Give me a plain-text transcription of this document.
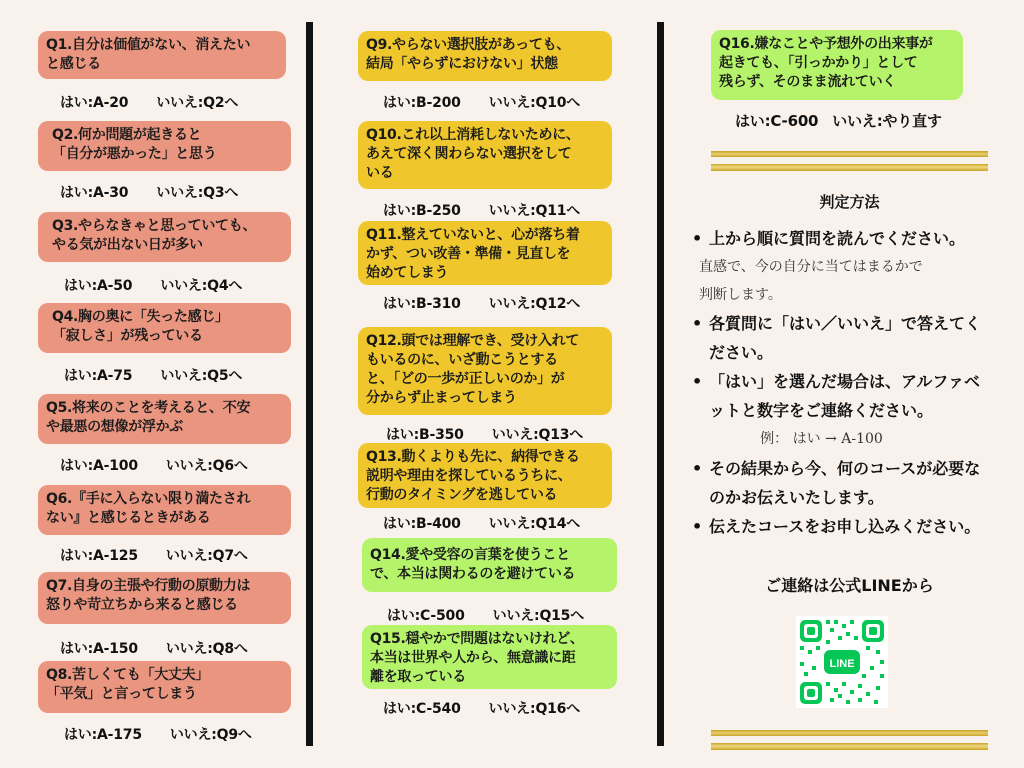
Q1.自分は価値がない、消えたい
と感じる
はい:A-20 いいえ:Q2へ
Q2.何か問題が起きると
「自分が悪かった」と思う
はい:A-30 いいえ:Q3へ
Q3.やらなきゃと思っていても、
やる気が出ない日が多い
はい:A-50 いいえ:Q4へ
Q4.胸の奥に「失った感じ」
「寂しさ」が残っている
はい:A-75 いいえ:Q5へ
Q5.将来のことを考えると、不安
や最悪の想像が浮かぶ
はい:A-100 いいえ:Q6へ
Q6.『手に入らない限り満たされ
ない』と感じるときがある
はい:A-125 いいえ:Q7へ
Q7.自身の主張や行動の原動力は
怒りや苛立ちから来ると感じる
はい:A-150 いいえ:Q8へ
Q8.苦しくても「大丈夫」
「平気」と言ってしまう
はい:A-175 いいえ:Q9へ
Q9.やらない選択肢があっても、
結局「やらずにおけない」状態
はい:B-200 いいえ:Q10へ
Q10.これ以上消耗しないために、
あえて深く関わらない選択をして
いる
はい:B-250 いいえ:Q11へ
Q11.整えていないと、心が落ち着
かず、つい改善・準備・見直しを
始めてしまう
はい:B-310 いいえ:Q12へ
Q12.頭では理解でき、受け入れて
もいるのに、いざ動こうとする
と、「どの一歩が正しいのか」が
分からず止まってしまう
はい:B-350 いいえ:Q13へ
Q13.動くよりも先に、納得できる
説明や理由を探しているうちに、
行動のタイミングを逃している
はい:B-400 いいえ:Q14へ
Q14.愛や受容の言葉を使うこと
で、本当は関わるのを避けている
はい:C-500 いいえ:Q15へ
Q15.穏やかで問題はないけれど、
本当は世界や人から、無意識に距
離を取っている
はい:C-540 いいえ:Q16へ
Q16.嫌なことや予想外の出来事が
起きても、「引っかかり」として
残らず、そのまま流れていく
はい:C-600 いいえ:やり直す
判定方法
• 上から順に質問を読んでください。
直感で、今の自分に当てはまるかで
判断します。
• 各質問に「はい／いいえ」で答えてください。
• 「はい」を選んだ場合は、アルファベットと数字をご連絡ください。
例： はい → A-100
• その結果から今、何のコースが必要なのかお伝えいたします。
• 伝えたコースをお申し込みください。
ご連絡は公式LINEから
LINE
